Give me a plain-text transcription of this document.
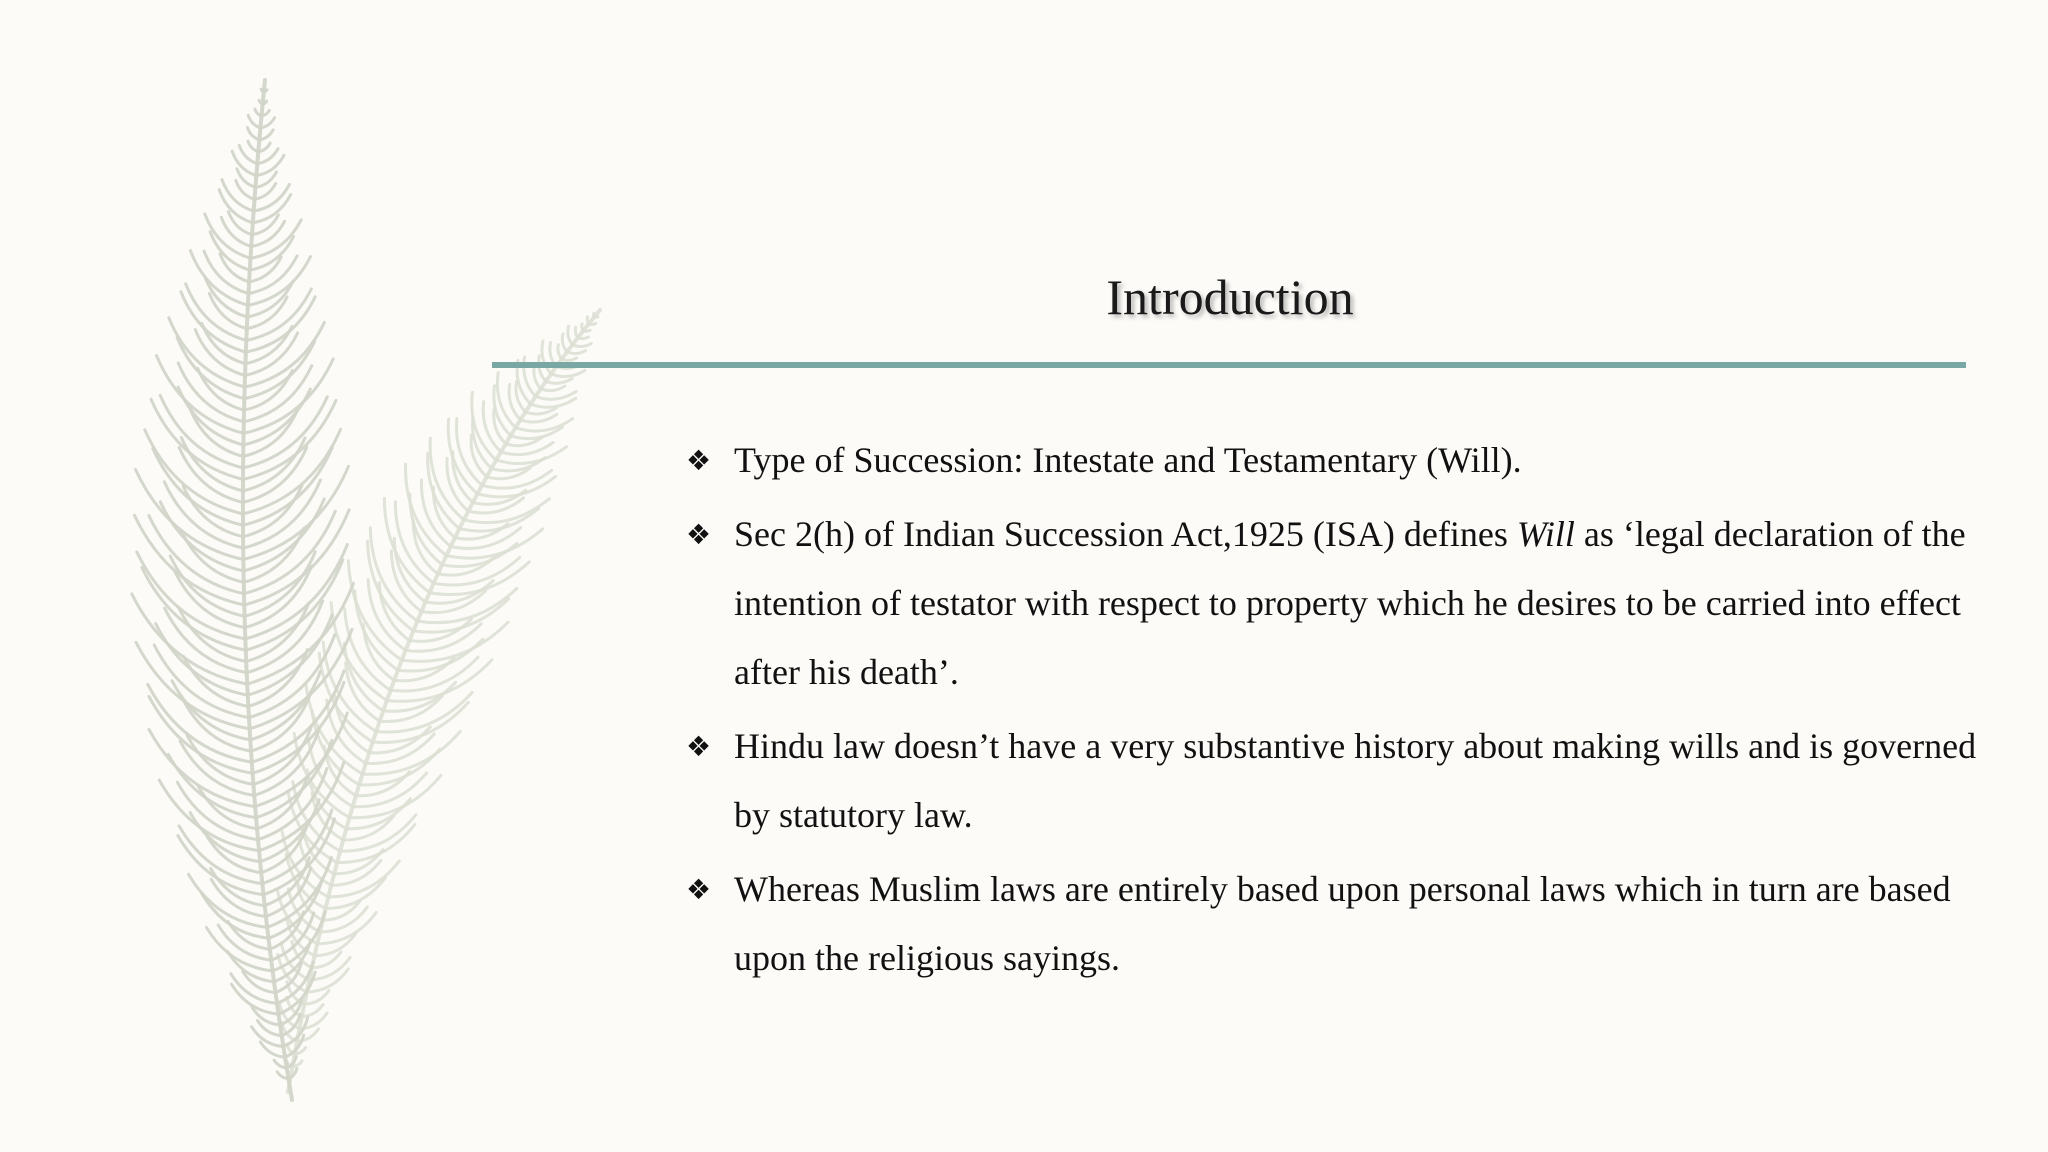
Introduction
❖ Type of Succession: Intestate and Testamentary (Will).
❖ Sec 2(h) of Indian Succession Act,1925 (ISA) defines Will as ‘legal declaration of the intention of testator with respect to property which he desires to be carried into effect after his death’.
❖ Hindu law doesn’t have a very substantive history about making wills and is governed by statutory law.
❖ Whereas Muslim laws are entirely based upon personal laws which in turn are based upon the religious sayings.
